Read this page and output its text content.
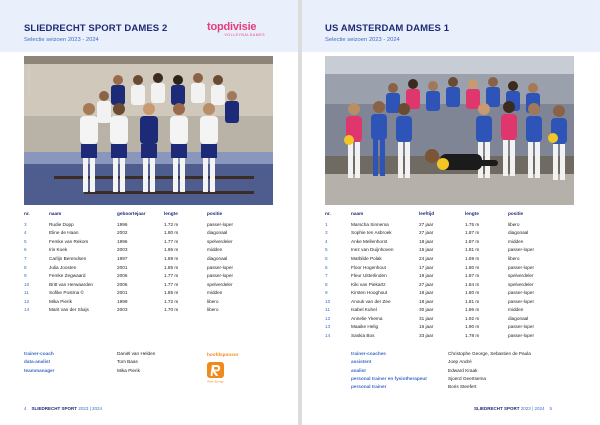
SLIEDRECHT SPORT DAMES 2
Selectie seizoen 2023 - 2024
topdivisie
VOLLEYBALDAMES
Foto: Ronald Rieken
nr.	naam	geboortejaar	lengte	positie
3	Rudie Dopp	1996	1.72 m	passer-loper
4	Eline de Haan	2002	1.80 m	diagonaal
5	Femke van Rekom	1996	1.77 m	spelverdeler
6	Iris Koek	2003	1.86 m	midden
7	Carlijn Berendsen	1997	1.89 m	diagonaal
8	Julia Joosten	2001	1.85 m	passer-loper
9	Femke Zegwaard	2006	1.77 m	passer-loper
10	Britt van Herwaarden	2006	1.77 m	spelverdeler
11	Sofike Postma ©	2001	1.85 m	midden
12	Mika Pierik	1999	1.72 m	libero
14	Marit van der Sluijs	2003	1.70 m	libero
trainer-coach	Daniël van Helden
data-analist	Tom Baas
teammanager	Mika Pierik
hoofdsponsor
Rosé Energy
4 SLIEDRECHT SPORT 2023 | 2024
US AMSTERDAM DAMES 1
Selectie seizoen 2023 - 2024
nr.	naam	leeftijd	lengte	positie
1	Marscha Sinnema	27 jaar	1.75 m	libero
3	Sophie ten Asbroek	27 jaar	1.87 m	diagonaal
4	Anke Mellenhorst	18 jaar	1.87 m	midden
5	Inez van Duijnhoven	15 jaar	1.81 m	passer-loper
5	Mathilde Polak	24 jaar	1.69 m	libero
6	Floor Hogenhout	17 jaar	1.80 m	passer-loper
7	Fleur Uitterlinden	19 jaar	1.87 m	spelverdeler
8	Kiki van Piekartz	27 jaar	1.84 m	spelverdeler
9	Kirsten Hooghout	18 jaar	1.80 m	passer-loper
10	Anouk van der Zee	18 jaar	1.81 m	passer-loper
11	Isabel Kuhel	30 jaar	1.86 m	midden
12	Annelie Ykema	31 jaar	1.92 m	diagonaal
13	Maaike Helig	16 jaar	1.90 m	passer-loper
14	Saskia Bos	33 jaar	1.78 m	passer-loper
trainer-coaches	Christophe George, Sebastien de Paula
assistent	Joep André
analist	Edward Kraak
personal trainer en fysiotherapeut	Sjoerd Geertsema
personal trainer	Boris Steefert
SLIEDRECHT SPORT 2023 | 2024 5
